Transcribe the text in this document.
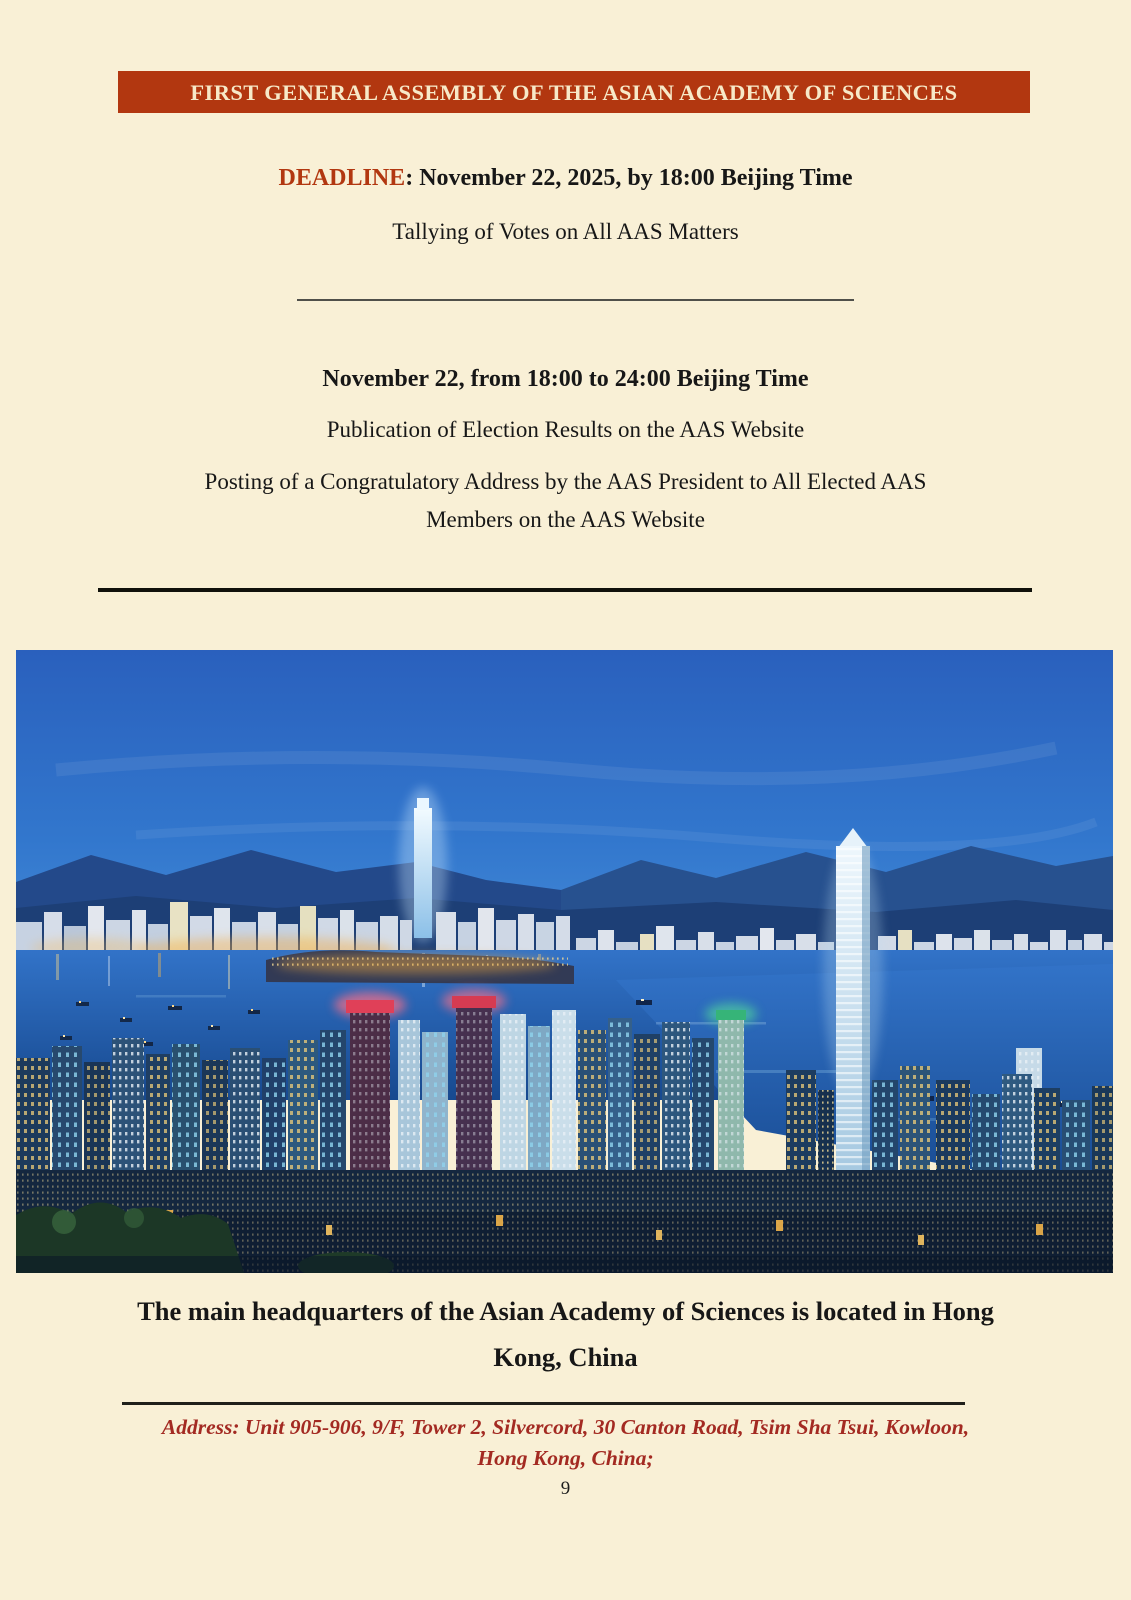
FIRST GENERAL ASSEMBLY OF THE ASIAN ACADEMY OF SCIENCES

DEADLINE: November 22, 2025, by 18:00 Beijing Time

Tallying of Votes on All AAS Matters

November 22, from 18:00 to 24:00 Beijing Time

Publication of Election Results on the AAS Website

Posting of a Congratulatory Address by the AAS President to All Elected AAS
Members on the AAS Website

The main headquarters of the Asian Academy of Sciences is located in Hong
Kong, China

Address: Unit 905-906, 9/F, Tower 2, Silvercord, 30 Canton Road, Tsim Sha Tsui, Kowloon,
Hong Kong, China;

9
